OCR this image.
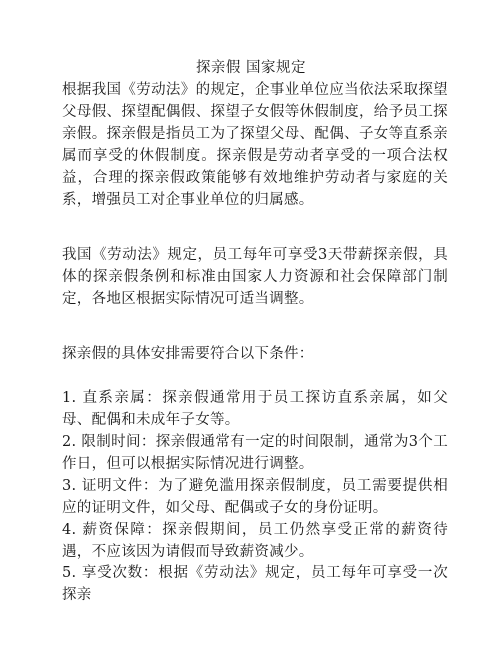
探亲假 国家规定

根据我国《劳动法》的规定，企事业单位应当依法采取探望父母假、探望配偶假、探望子女假等休假制度，给予员工探亲假。探亲假是指员工为了探望父母、配偶、子女等直系亲属而享受的休假制度。探亲假是劳动者享受的一项合法权益，合理的探亲假政策能够有效地维护劳动者与家庭的关系，增强员工对企事业单位的归属感。

我国《劳动法》规定，员工每年可享受3天带薪探亲假，具体的探亲假条例和标准由国家人力资源和社会保障部门制定，各地区根据实际情况可适当调整。

探亲假的具体安排需要符合以下条件：

1. 直系亲属：探亲假通常用于员工探访直系亲属，如父母、配偶和未成年子女等。

2. 限制时间：探亲假通常有一定的时间限制，通常为3个工作日，但可以根据实际情况进行调整。

3. 证明文件：为了避免滥用探亲假制度，员工需要提供相应的证明文件，如父母、配偶或子女的身份证明。

4. 薪资保障：探亲假期间，员工仍然享受正常的薪资待遇，不应该因为请假而导致薪资减少。

5. 享受次数：根据《劳动法》规定，员工每年可享受一次探亲
